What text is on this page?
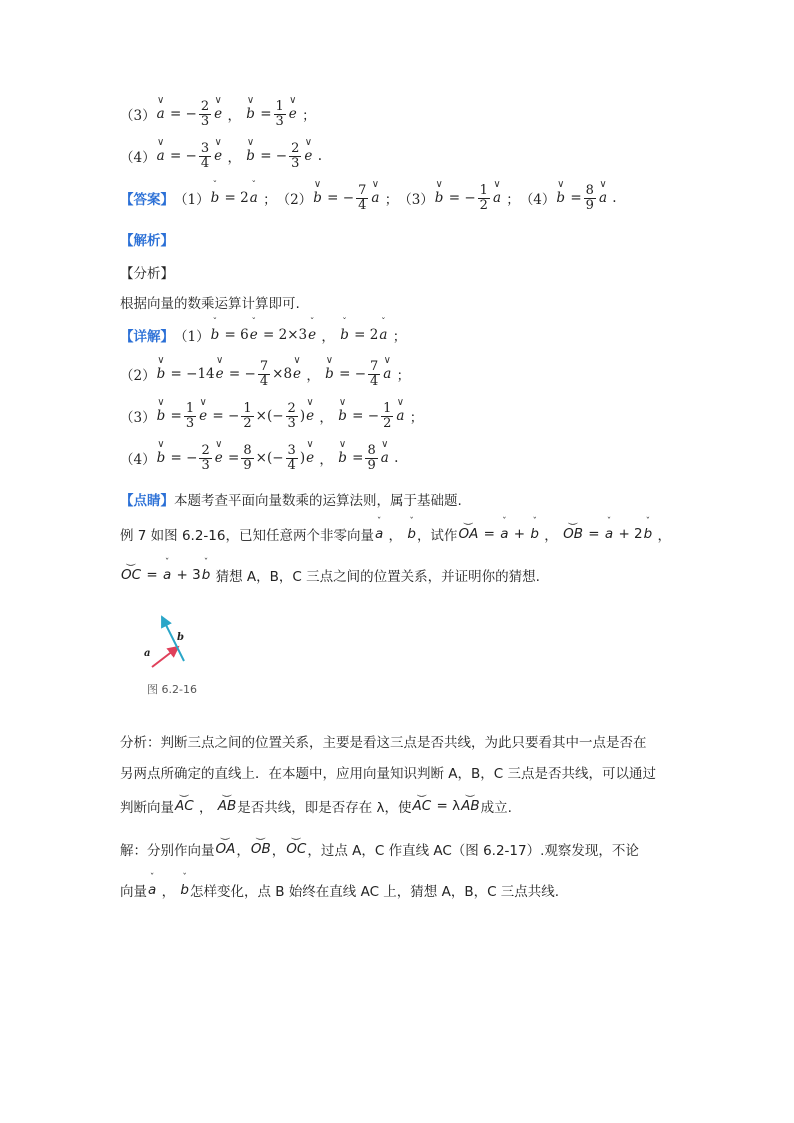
（3） ∨ a = − $\frac{2}{3}$ ∨ e ， ∨ $b = \frac{1}{3}$ ∨ e ；
（4） ∨ a = − $\frac{3}{4}$ ∨ e ， ∨ b = − $\frac{2}{3}$ ∨ e .
【答案】 （1） ˇ b = 2 ˇ a ； （2） ∨ b = − $\frac{7}{4}$ ∨ a ； （3） ∨ b = − $\frac{1}{2}$ ∨ a ； （4） ∨ $b = \frac{8}{9}$ ∨ a .
【解析】
【分析】
根据向量的数乘运算计算即可.
【详解】 （1） ˇ b = 6 ˇ e = 2×3 ˇ e ， ˇ b = 2 ˇ a ；
（2） ∨ b = −14 ∨ e = − $\frac{7}{4} \times 8$ ∨ e ， ∨ b = − $\frac{7}{4}$ ∨ a ；
（3） ∨ $b = \frac{1}{3}$ ∨ e = − $\frac{1}{2}$ ×(− $\frac{2}{3}$ ) ∨ e ， ∨ b = − $\frac{1}{2}$ ∨ a ；
（4） ∨ b = − $\frac{2}{3}$ ∨ $e = \frac{8}{9}$ ×(− $\frac{3}{4}$ ) ∨ e ， ∨ $b = \frac{8}{9}$ ∨ a .
【点睛】 本题考查平面向量数乘的运算法则，属于基础题.
例 7 如图 6.2-16，已知任意两个非零向量 ˇ a ， ˇ b ，试作 ⏝ OA = ˇ a + ˇ b ， ⏝ OB = ˇ a + 2 ˇ b ，
⏝ OC = ˇ a + 3 ˇ b
猜想 A，B，C 三点之间的位置关系，并证明你的猜想.
a
b
图 6.2-16
分析：判断三点之间的位置关系，主要是看这三点是否共线，为此只要看其中一点是否在
另两点所确定的直线上．在本题中，应用向量知识判断 A，B，C 三点是否共线，可以通过
判断向量 ⏝ AC ， ⏝ AB 是否共线，即是否存在 λ，使 ⏝ AC = λ ⏝ AB 成立.
解：分别作向量 ⏝ OA ， ⏝ OB ， ⏝ OC ，过点 A，C 作直线 AC（图 6.2-17）.观察发现，不论
向量 ˇ a ， ˇ b 怎样变化，点 B 始终在直线 AC 上，猜想 A，B，C 三点共线.
